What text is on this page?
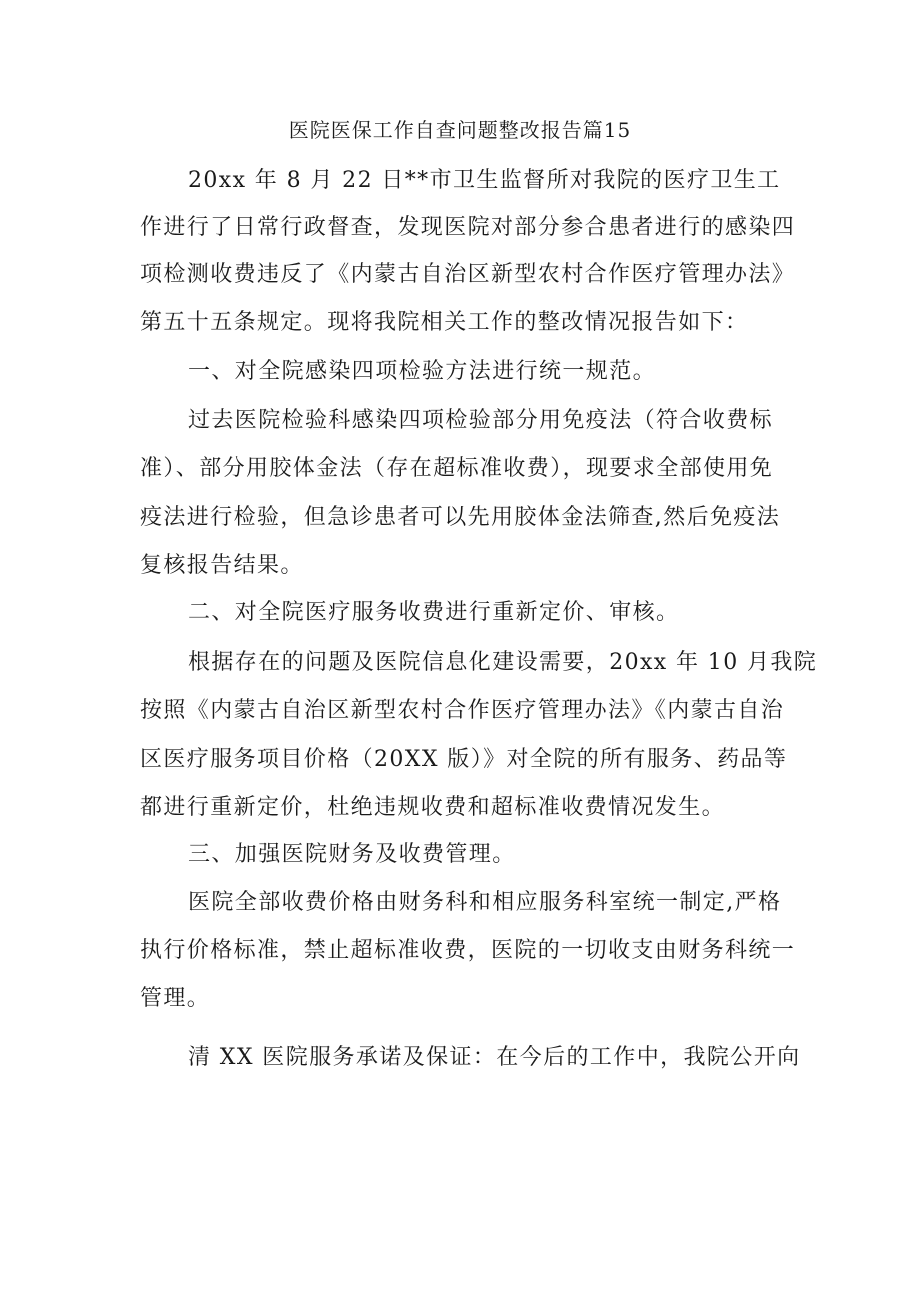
医院医保工作自查问题整改报告篇15
20xx 年 8 月 22 日**市卫生监督所对我院的医疗卫生工
作进行了日常行政督查，发现医院对部分参合患者进行的感染四
项检测收费违反了《内蒙古自治区新型农村合作医疗管理办法》
第五十五条规定。现将我院相关工作的整改情况报告如下：
一、对全院感染四项检验方法进行统一规范。
过去医院检验科感染四项检验部分用免疫法（符合收费标
准）、部分用胶体金法（存在超标准收费），现要求全部使用免
疫法进行检验，但急诊患者可以先用胶体金法筛查,然后免疫法
复核报告结果。
二、对全院医疗服务收费进行重新定价、审核。
根据存在的问题及医院信息化建设需要，20xx 年 10 月我院
按照《内蒙古自治区新型农村合作医疗管理办法》《内蒙古自治
区医疗服务项目价格（20XX 版）》对全院的所有服务、药品等
都进行重新定价，杜绝违规收费和超标准收费情况发生。
三、加强医院财务及收费管理。
医院全部收费价格由财务科和相应服务科室统一制定,严格
执行价格标准，禁止超标准收费，医院的一切收支由财务科统一
管理。
清 XX 医院服务承诺及保证：在今后的工作中，我院公开向
